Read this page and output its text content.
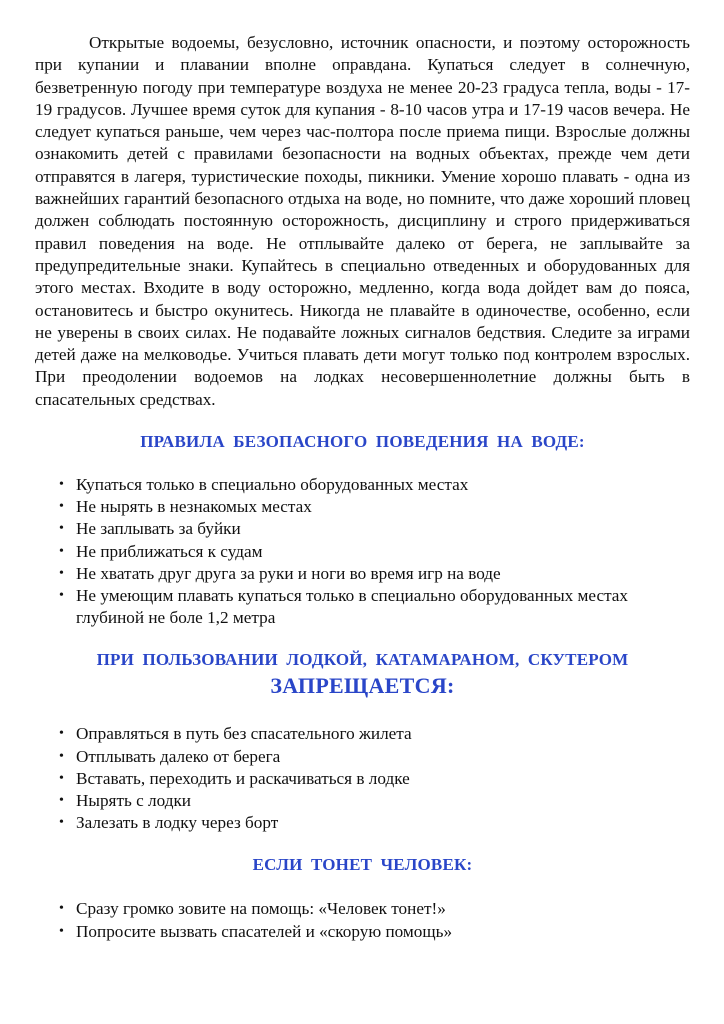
Открытые водоемы, безусловно, источник опасности, и поэтому осторожность при купании и плавании вполне оправдана. Купаться следует в солнечную, безветренную погоду при температуре воздуха не менее 20-23 градуса тепла, воды - 17-19 градусов. Лучшее время суток для купания - 8-10 часов утра и 17-19 часов вечера. Не следует купаться раньше, чем через час-полтора после приема пищи. Взрослые должны ознакомить детей с правилами безопасности на водных объектах, прежде чем дети отправятся в лагеря, туристические походы, пикники. Умение хорошо плавать - одна из важнейших гарантий безопасного отдыха на воде, но помните, что даже хороший пловец должен соблюдать постоянную осторожность, дисциплину и строго придерживаться правил поведения на воде. Не отплывайте далеко от берега, не заплывайте за предупредительные знаки. Купайтесь в специально отведенных и оборудованных для этого местах. Входите в воду осторожно, медленно, когда вода дойдет вам до пояса, остановитесь и быстро окунитесь. Никогда не плавайте в одиночестве, особенно, если не уверены в своих силах. Не подавайте ложных сигналов бедствия. Следите за играми детей даже на мелководье. Учиться плавать дети могут только под контролем взрослых. При преодолении водоемов на лодках несовершеннолетние должны быть в спасательных средствах.

ПРАВИЛА БЕЗОПАСНОГО ПОВЕДЕНИЯ НА ВОДЕ:
• Купаться только в специально оборудованных местах
• Не нырять в незнакомых местах
• Не заплывать за буйки
• Не приближаться к судам
• Не хватать друг друга за руки и ноги во время игр на воде
• Не умеющим плавать купаться только в специально оборудованных местах глубиной не боле 1,2 метра
ПРИ ПОЛЬЗОВАНИИ ЛОДКОЙ, КАТАМАРАНОМ, СКУТЕРОМ
ЗАПРЕЩАЕТСЯ:
• Оправляться в путь без спасательного жилета
• Отплывать далеко от берега
• Вставать, переходить и раскачиваться в лодке
• Нырять с лодки
• Залезать в лодку через борт
ЕСЛИ ТОНЕТ ЧЕЛОВЕК:
• Сразу громко зовите на помощь: «Человек тонет!»
• Попросите вызвать спасателей и «скорую помощь»
